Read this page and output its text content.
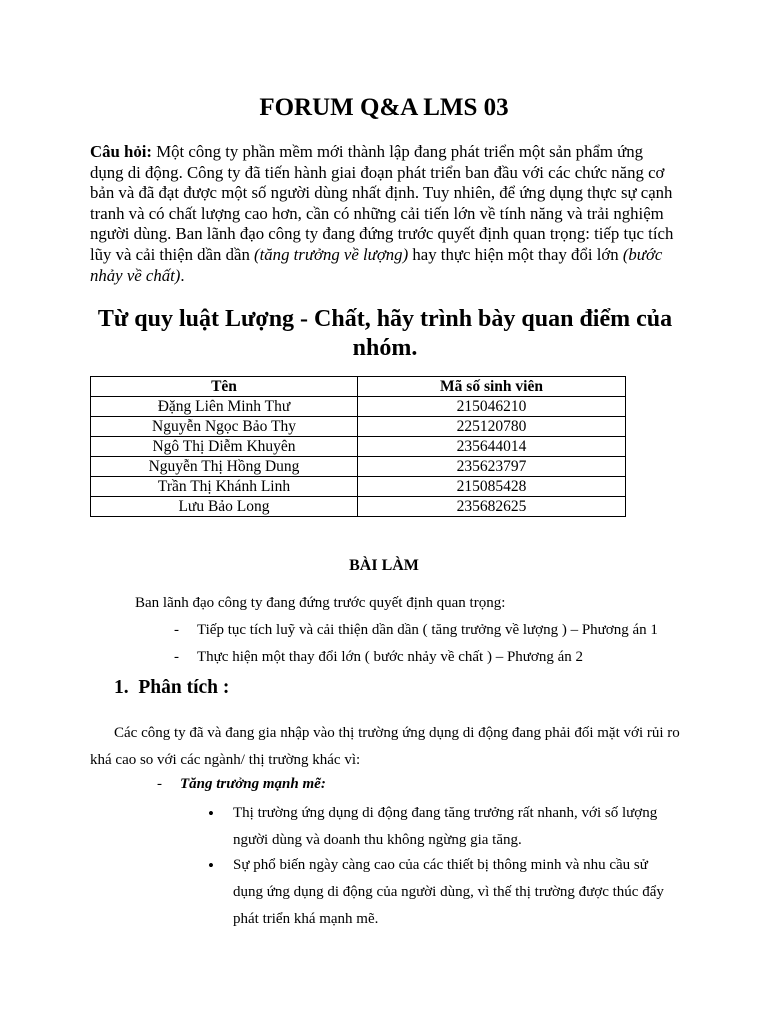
FORUM Q&A LMS 03

Câu hỏi: Một công ty phần mềm mới thành lập đang phát triển một sản phẩm ứng dụng di động. Công ty đã tiến hành giai đoạn phát triển ban đầu với các chức năng cơ bản và đã đạt được một số người dùng nhất định. Tuy nhiên, để ứng dụng thực sự cạnh tranh và có chất lượng cao hơn, cần có những cải tiến lớn về tính năng và trải nghiệm người dùng. Ban lãnh đạo công ty đang đứng trước quyết định quan trọng: tiếp tục tích lũy và cải thiện dần dần (tăng trưởng về lượng) hay thực hiện một thay đổi lớn (bước nhảy về chất).

Từ quy luật Lượng - Chất, hãy trình bày quan điểm của nhóm.
Tên	Mã số sinh viên
Đặng Liên Minh Thư	215046210
Nguyễn Ngọc Bảo Thy	225120780
Ngô Thị Diễm Khuyên	235644014
Nguyễn Thị Hồng Dung	235623797
Trần Thị Khánh Linh	215085428
Lưu Bảo Long	235682625
BÀI LÀM

Ban lãnh đạo công ty đang đứng trước quyết định quan trọng:

- Tiếp tục tích luỹ và cải thiện dần dần ( tăng trưởng về lượng ) – Phương án 1

- Thực hiện một thay đổi lớn ( bước nhảy về chất ) – Phương án 2

1. Phân tích :

Các công ty đã và đang gia nhập vào thị trường ứng dụng di động đang phải đối mặt với rủi ro khá cao so với các ngành/ thị trường khác vì:

- Tăng trưởng mạnh mẽ:
• Thị trường ứng dụng di động đang tăng trưởng rất nhanh, với số lượng người dùng và doanh thu không ngừng gia tăng.

• Sự phổ biến ngày càng cao của các thiết bị thông minh và nhu cầu sử dụng ứng dụng di động của người dùng, vì thế thị trường được thúc đẩy phát triển khá mạnh mẽ.
